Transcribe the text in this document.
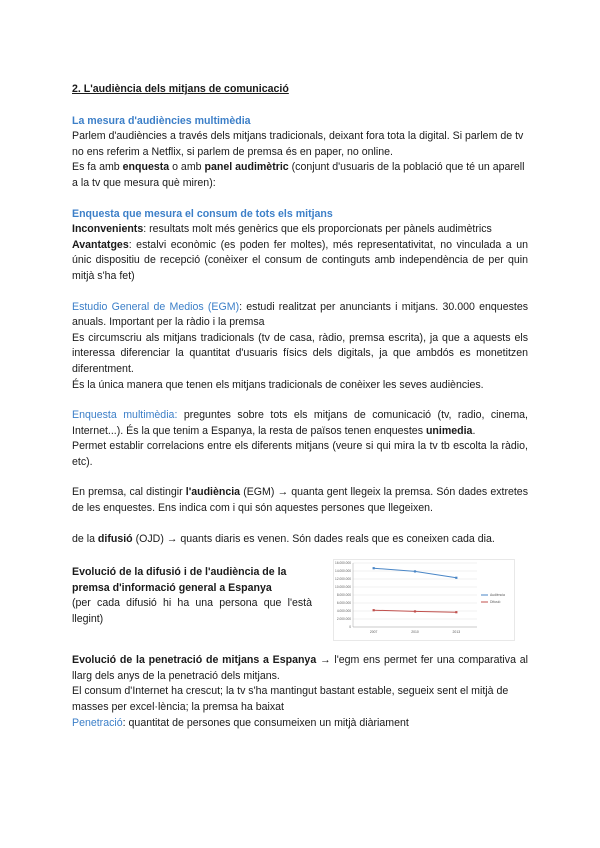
2. L'audiència dels mitjans de comunicació

La mesura d'audiències multimèdia

Parlem d'audiències a través dels mitjans tradicionals, deixant fora tota la digital. Si parlem de tv no ens referim a Netflix, si parlem de premsa és en paper, no online.

Es fa amb enquesta o amb panel audimètric (conjunt d'usuaris de la població que té un aparell a la tv que mesura què miren):

Enquesta que mesura el consum de tots els mitjans

Inconvenients: resultats molt més genèrics que els proporcionats per pànels audimètrics

Avantatges: estalvi econòmic (es poden fer moltes), més representativitat, no vinculada a un únic dispositiu de recepció (conèixer el consum de continguts amb independència de per quin mitjà s'ha fet)

Estudio General de Medios (EGM): estudi realitzat per anunciants i mitjans. 30.000 enquestes anuals. Important per la ràdio i la premsa

Es circumscriu als mitjans tradicionals (tv de casa, ràdio, premsa escrita), ja que a aquests els interessa diferenciar la quantitat d'usuaris físics dels digitals, ja que ambdós es monetitzen diferentment.

És la única manera que tenen els mitjans tradicionals de conèixer les seves audiències.

Enquesta multimèdia: preguntes sobre tots els mitjans de comunicació (tv, radio, cinema, Internet...). És la que tenim a Espanya, la resta de països tenen enquestes unimedia.

Permet establir correlacions entre els diferents mitjans (veure si qui mira la tv tb escolta la ràdio, etc).

En premsa, cal distingir l'audiència (EGM) → quanta gent llegeix la premsa. Són dades extretes de les enquestes. Ens indica com i qui són aquestes persones que llegeixen.

de la difusió (OJD) → quants diaris es venen. Són dades reals que es coneixen cada dia.

Evolució de la difusió i de l'audiència de la premsa d'informació general a Espanya

(per cada difusió hi ha una persona que l'està llegint)

16.000.000
14.000.000
12.000.000
10.000.000
8.000.000
6.000.000
4.000.000
2.000.000
0
2007	2010	2013
Audiència
Difusió

Evolució de la penetració de mitjans a Espanya → l'egm ens permet fer una comparativa al llarg dels anys de la penetració dels mitjans.

El consum d'Internet ha crescut; la tv s'ha mantingut bastant estable, segueix sent el mitjà de masses per excel·lència; la premsa ha baixat

Penetració: quantitat de persones que consumeixen un mitjà diàriament
